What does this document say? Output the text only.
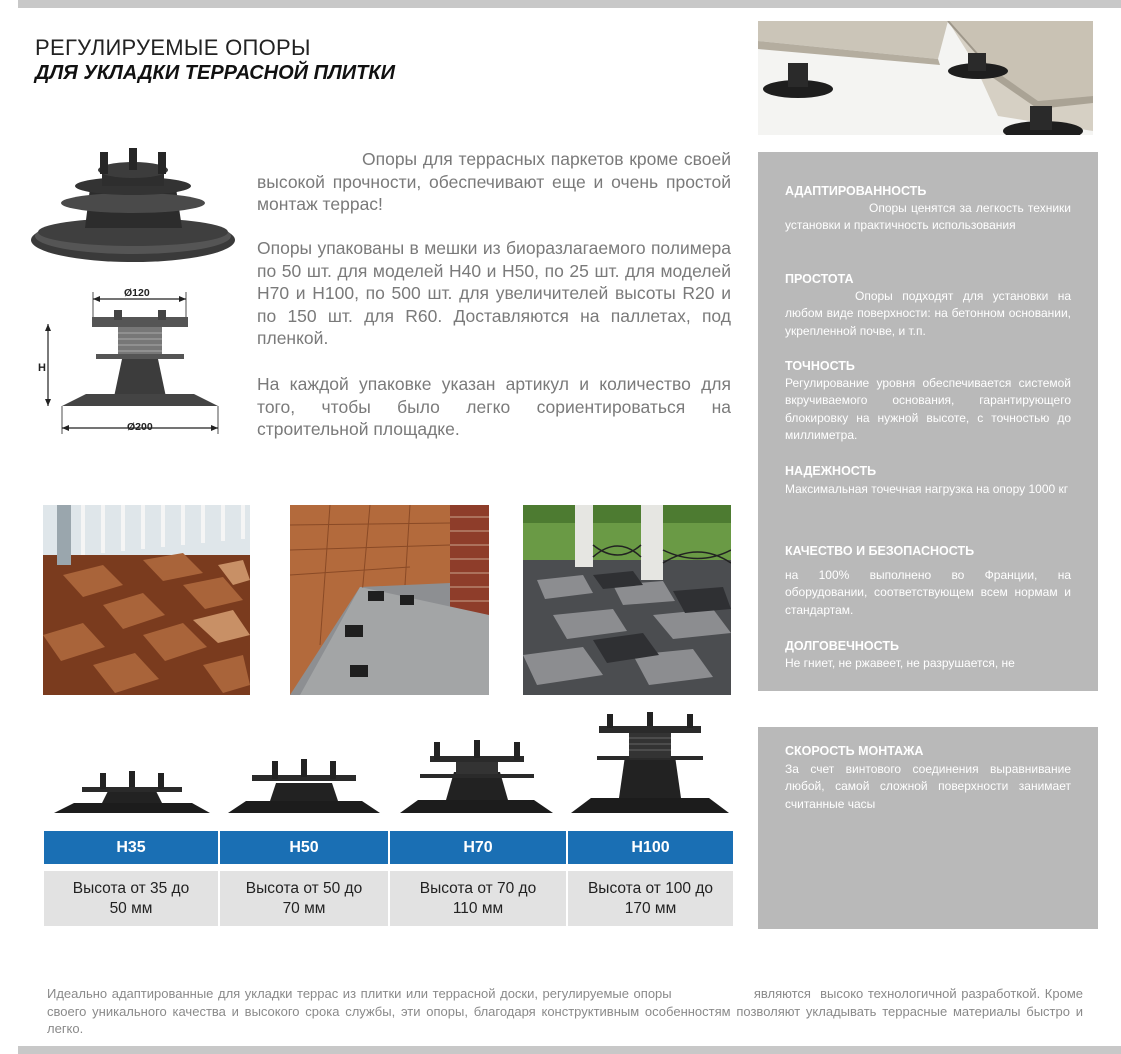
РЕГУЛИРУЕМЫЕ ОПОРЫ
ДЛЯ УКЛАДКИ ТЕРРАСНОЙ ПЛИТКИ
Ø120
H
Ø200
Опоры для террасных паркетов кроме своей высокой прочности, обеспечивают еще и очень простой монтаж террас!
Опоры упакованы в мешки из биоразлагаемого полимера по 50 шт. для моделей H40 и H50, по 25 шт. для моделей H70 и H100, по 500 шт. для увеличителей высоты R20 и по 150 шт. для R60. Доставляются на паллетах, под пленкой.
На каждой упаковке указан артикул и количество для того, чтобы было легко сориентироваться на строительной площадке.
АДАПТИРОВАННОСТЬ
Опоры ценятся за легкость техники установки и практичность использования
ПРОСТОТА
Опоры подходят для установки на любом виде поверхности: на бетонном основании, укрепленной почве, и т.п.
ТОЧНОСТЬ
Регулирование уровня обеспечивается системой вкручиваемого основания, гарантирующего блокировку на нужной высоте, с точностью до миллиметра.
НАДЕЖНОСТЬ
Максимальная точечная нагрузка на опору 1000 кг
КАЧЕСТВО И БЕЗОПАСНОСТЬ
на 100% выполнено во Франции, на оборудовании, соответствующем всем нормам и стандартам.
ДОЛГОВЕЧНОСТЬ
Не гниет, не ржавеет, не разрушается, не
СКОРОСТЬ МОНТАЖА
За счет винтового соединения выравнивание любой, самой сложной поверхности занимает считанные часы
H35	H50	H70	H100
Высота от 35 до 50 мм
Высота от 50 до 70 мм
Высота от 70 до 110 мм
Высота от 100 до 170 мм
Идеально адаптированные для укладки террас из плитки или террасной доски, регулируемые опоры                  являются  высоко технологичной разработкой. Кроме своего уникального качества и высокого срока службы, эти опоры, благодаря конструктивным особенностям позволяют укладывать террасные материалы быстро и легко.
